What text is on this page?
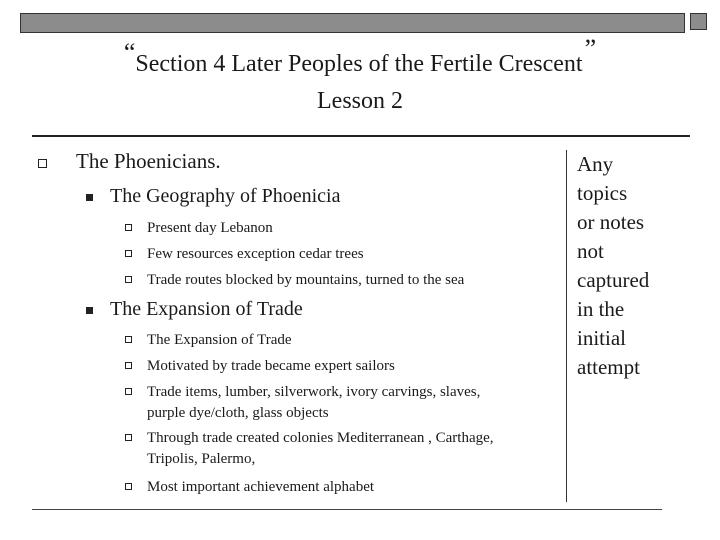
“Section 4 Later Peoples of the Fertile Crescent”
Lesson 2
The Phoenicians.
The Geography of Phoenicia
Present day Lebanon
Few resources exception cedar trees
Trade routes blocked by mountains, turned to the sea
The Expansion of Trade
The Expansion of Trade
Motivated by trade became expert sailors
Trade items, lumber, silverwork, ivory carvings, slaves,
purple dye/cloth, glass objects
Through trade created colonies Mediterranean , Carthage,
Tripolis, Palermo,
Most important achievement alphabet
Any
topics
or notes
not
captured
in the
initial
attempt
